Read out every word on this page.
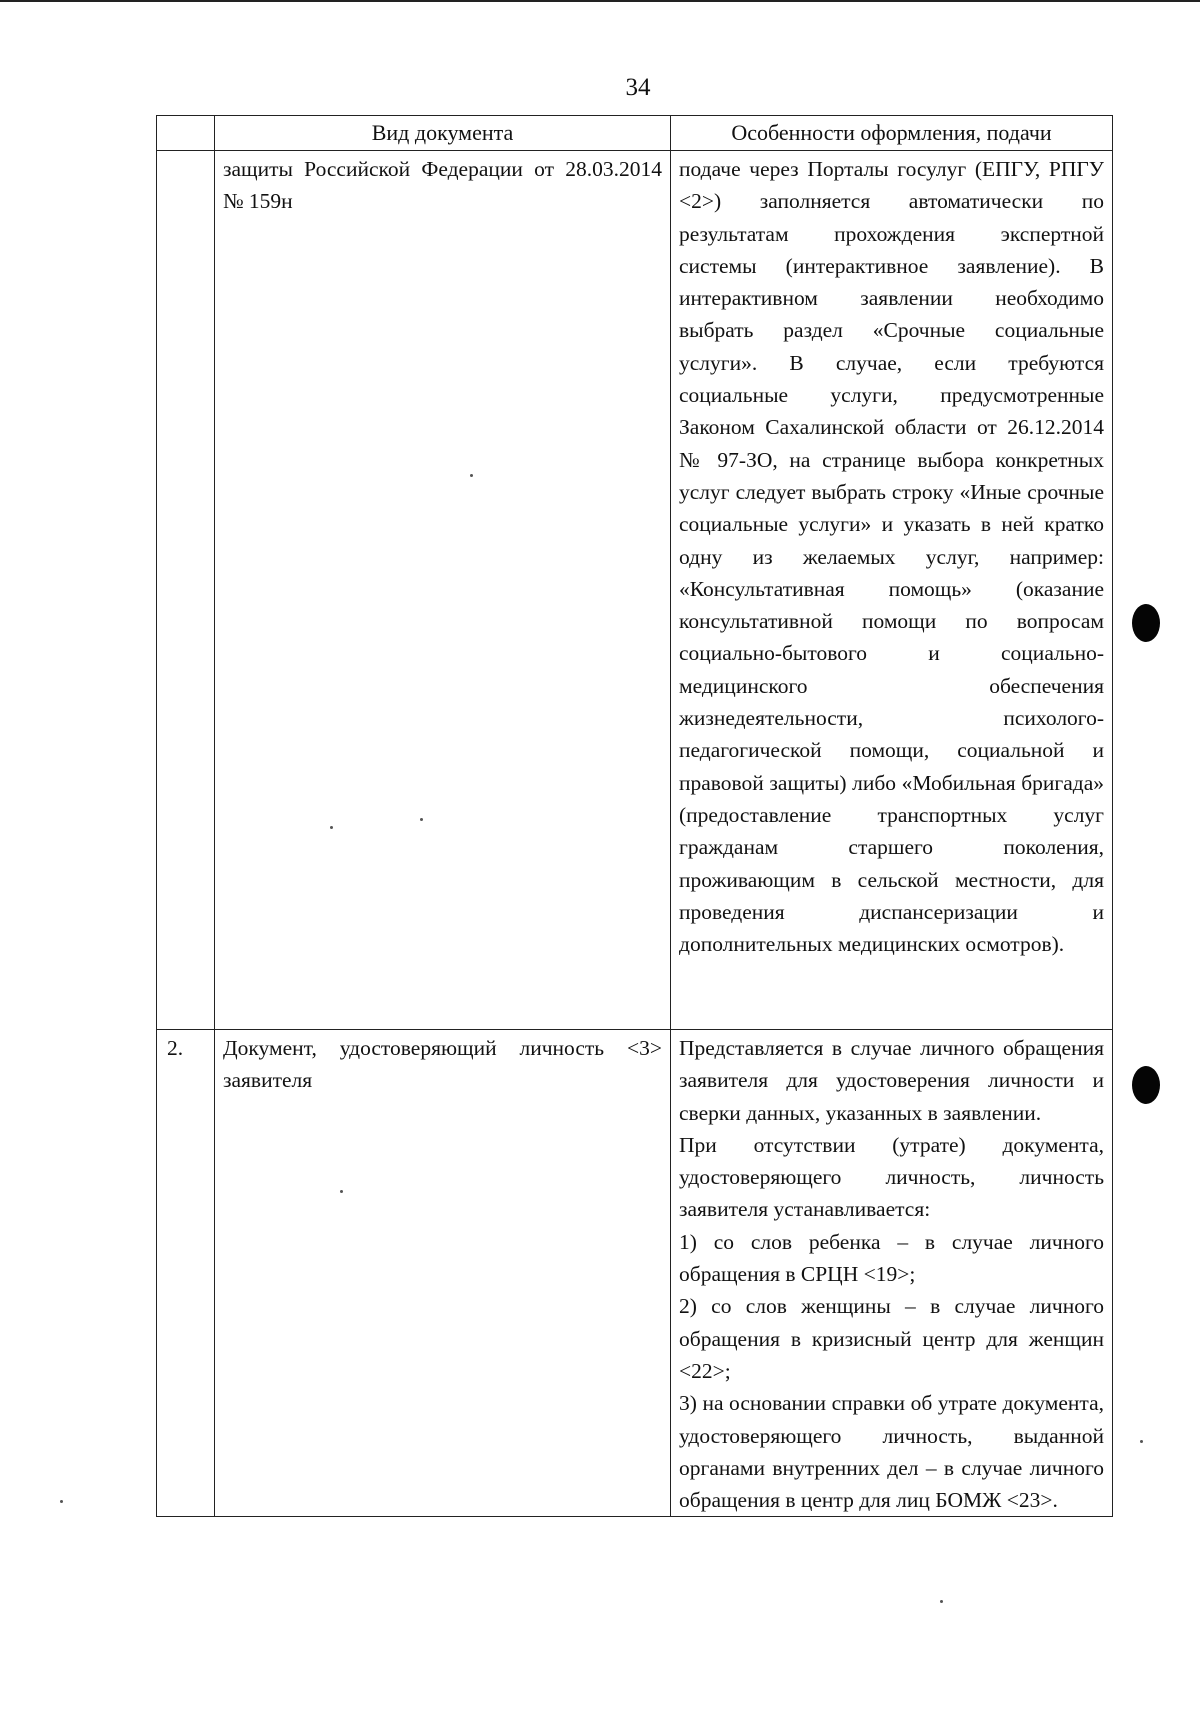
34
	Вид документа	Особенности оформления, подачи

	защиты Российской Федерации от 28.03.2014 № 159н	подаче через Порталы госулуг (ЕПГУ, РПГУ <2>) заполняется автоматически по результатам прохождения экспертной системы (интерактивное заявление). В интерактивном заявлении необходимо выбрать раздел «Срочные социальные услуги». В случае, если требуются социальные услуги, предусмотренные Законом Сахалинской области от 26.12.2014 № 97-ЗО, на странице выбора конкретных услуг следует выбрать строку «Иные срочные социальные услуги» и указать в ней кратко одну из желаемых услуг, например: «Консультативная помощь» (оказание консультативной помощи по вопросам социально-бытового и социально-медицинского обеспечения жизнедеятельности, психолого-педагогической помощи, социальной и правовой защиты) либо «Мобильная бригада» (предоставление транспортных услуг гражданам старшего поколения, проживающим в сельской местности, для проведения диспансеризации и дополнительных медицинских осмотров).

2.	Документ, удостоверяющий личность <3> заявителя	Представляется в случае личного обращения заявителя для удостоверения личности и сверки данных, указанных в заявлении.

При отсутствии (утрате) документа, удостоверяющего личность, личность заявителя устанавливается:

1) со слов ребенка – в случае личного обращения в СРЦН <19>;

2) со слов женщины – в случае личного обращения в кризисный центр для женщин <22>;

3) на основании справки об утрате документа, удостоверяющего личность, выданной органами внутренних дел – в случае личного обращения в центр для лиц БОМЖ <23>.
